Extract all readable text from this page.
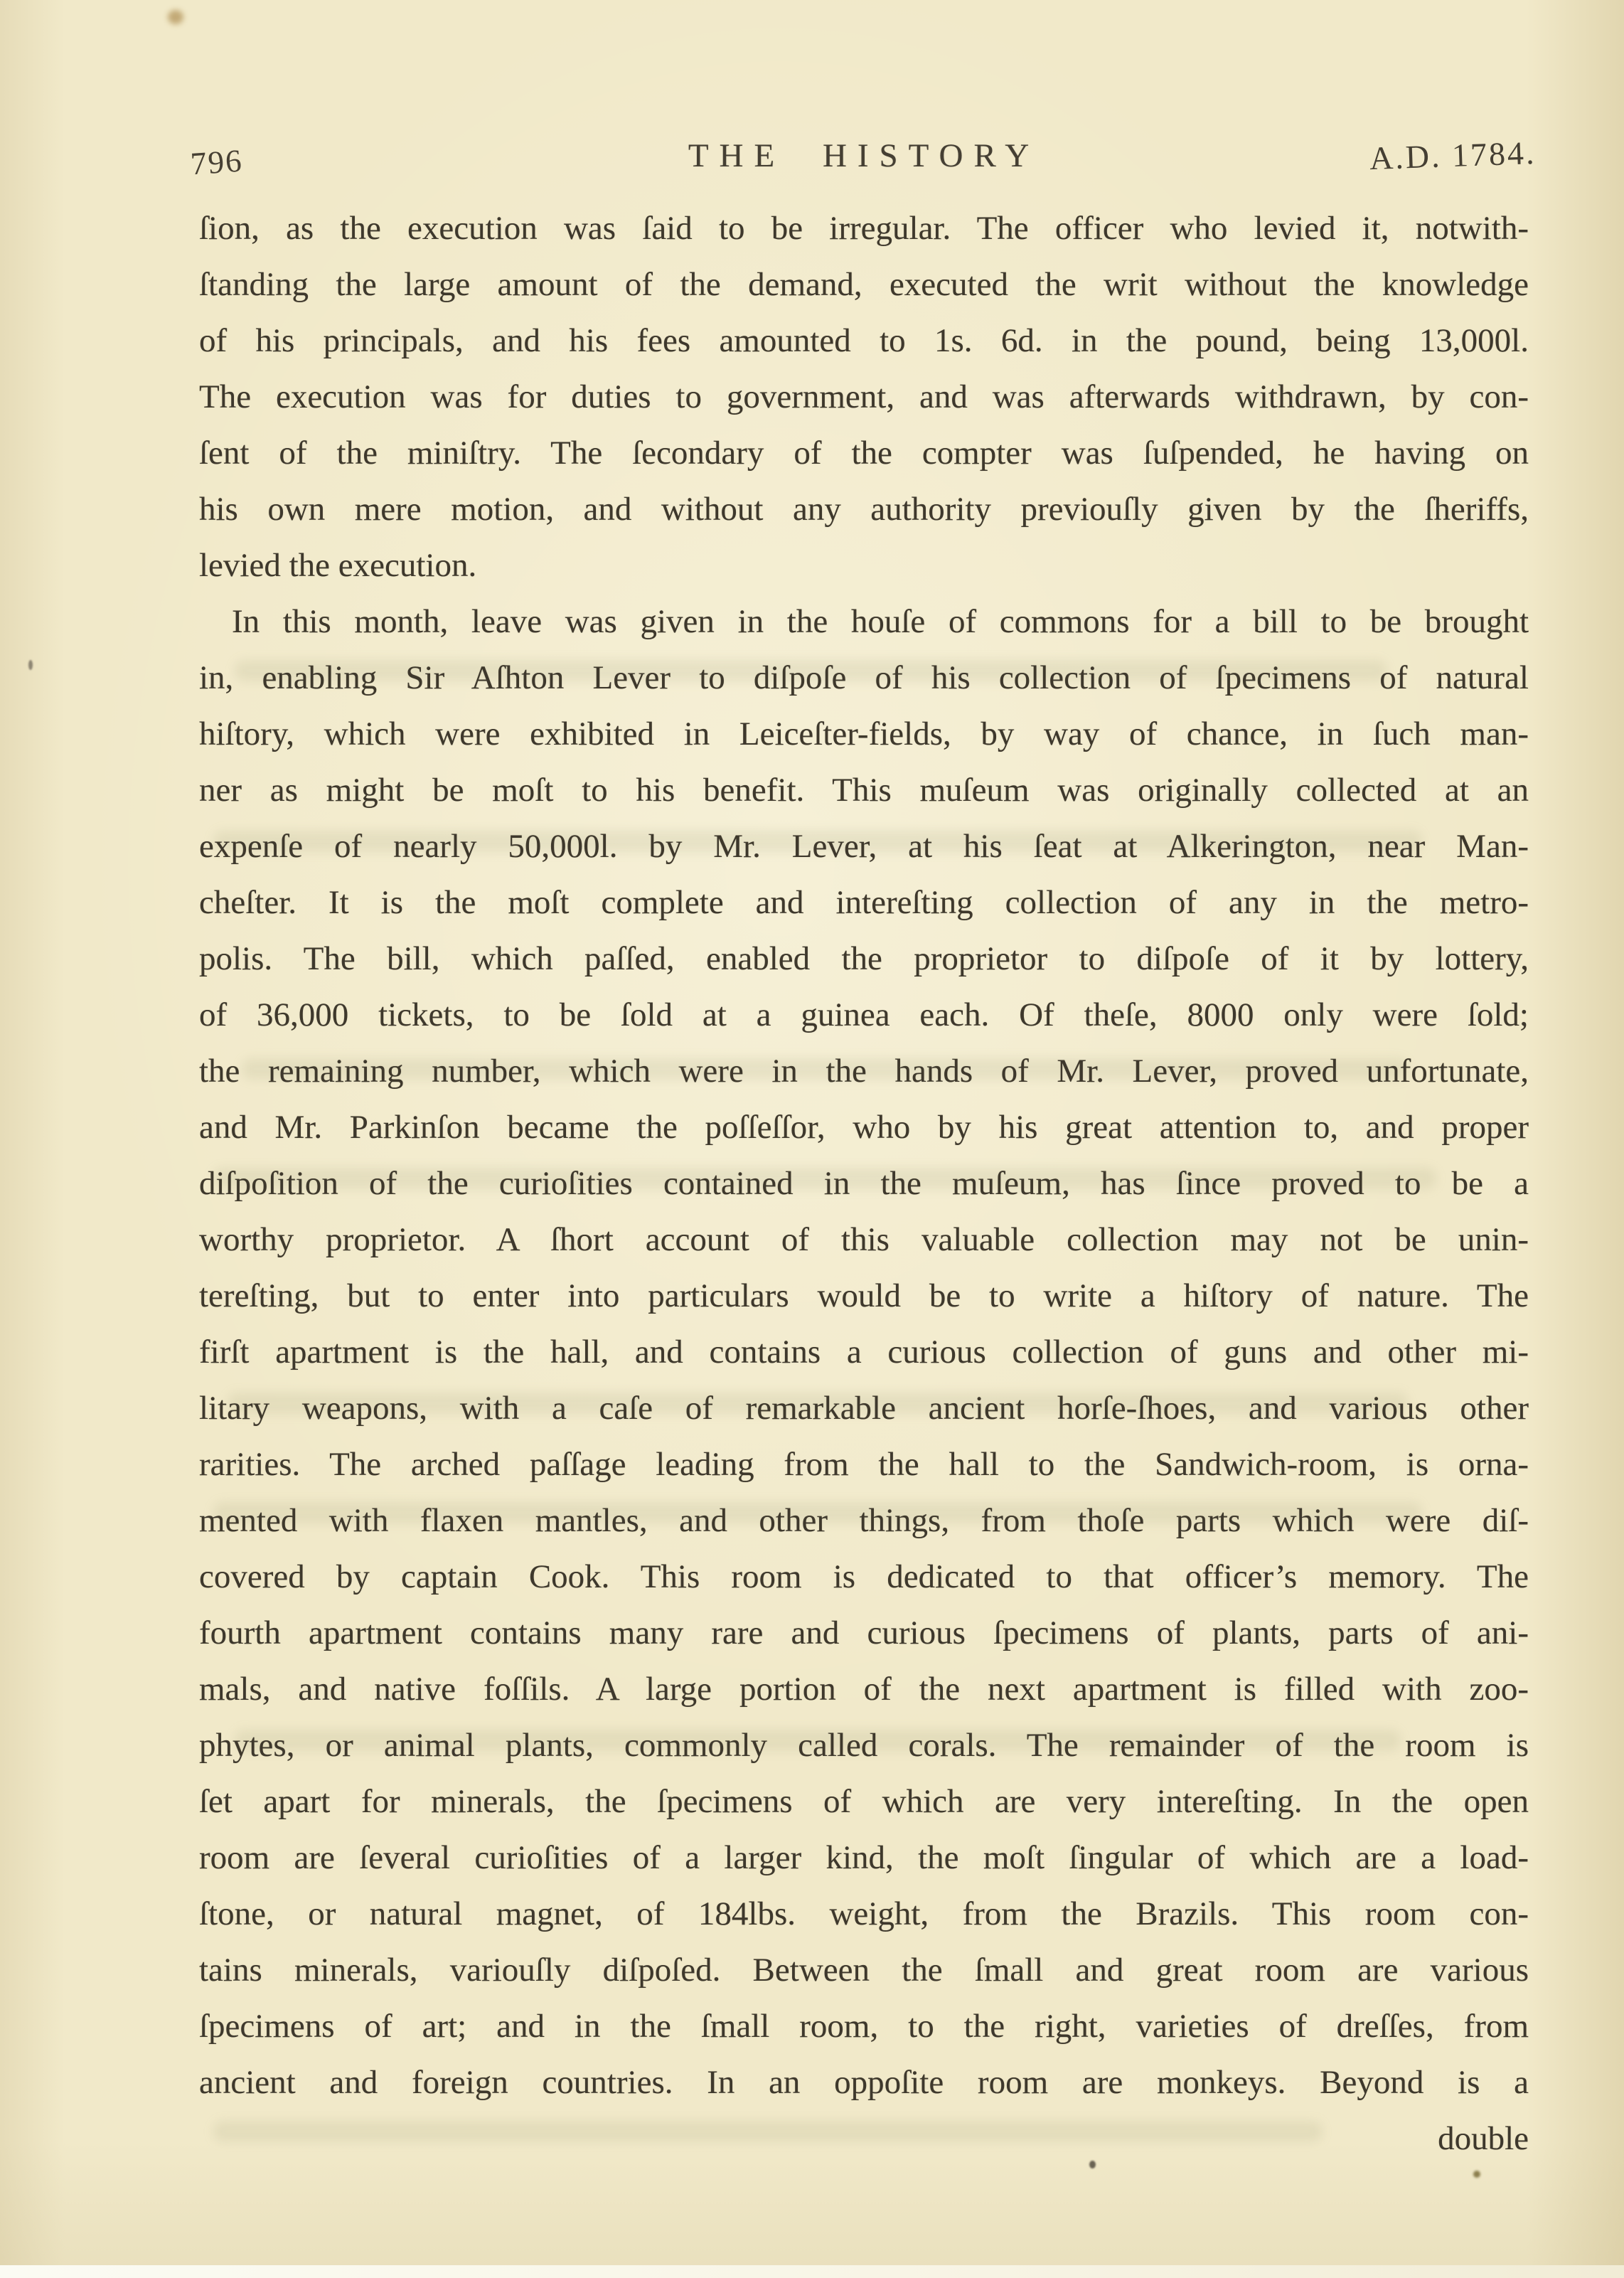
796	THE HISTORY	A.D. 1784.
ſion, as the execution was ſaid to be irregular. The officer who levied it, notwith-
ſtanding the large amount of the demand, executed the writ without the knowledge
of his principals, and his fees amounted to 1s. 6d. in the pound, being 13,000l.
The execution was for duties to government, and was afterwards withdrawn, by con-
ſent of the miniſtry. The ſecondary of the compter was ſuſpended, he having on
his own mere motion, and without any authority previouſly given by the ſheriffs,
levied the execution.
In this month, leave was given in the houſe of commons for a bill to be brought
in, enabling Sir Aſhton Lever to diſpoſe of his collection of ſpecimens of natural
hiſtory, which were exhibited in Leiceſter-fields, by way of chance, in ſuch man-
ner as might be moſt to his benefit. This muſeum was originally collected at an
expenſe of nearly 50,000l. by Mr. Lever, at his ſeat at Alkerington, near Man-
cheſter. It is the moſt complete and intereſting collection of any in the metro-
polis. The bill, which paſſed, enabled the proprietor to diſpoſe of it by lottery,
of 36,000 tickets, to be ſold at a guinea each. Of theſe, 8000 only were ſold;
the remaining number, which were in the hands of Mr. Lever, proved unfortunate,
and Mr. Parkinſon became the poſſeſſor, who by his great attention to, and proper
diſpoſition of the curioſities contained in the muſeum, has ſince proved to be a
worthy proprietor. A ſhort account of this valuable collection may not be unin-
tereſting, but to enter into particulars would be to write a hiſtory of nature. The
firſt apartment is the hall, and contains a curious collection of guns and other mi-
litary weapons, with a caſe of remarkable ancient horſe-ſhoes, and various other
rarities. The arched paſſage leading from the hall to the Sandwich-room, is orna-
mented with flaxen mantles, and other things, from thoſe parts which were diſ-
covered by captain Cook. This room is dedicated to that officer’s memory. The
fourth apartment contains many rare and curious ſpecimens of plants, parts of ani-
mals, and native foſſils. A large portion of the next apartment is filled with zoo-
phytes, or animal plants, commonly called corals. The remainder of the room is
ſet apart for minerals, the ſpecimens of which are very intereſting. In the open
room are ſeveral curioſities of a larger kind, the moſt ſingular of which are a load-
ſtone, or natural magnet, of 184lbs. weight, from the Brazils. This room con-
tains minerals, variouſly diſpoſed. Between the ſmall and great room are various
ſpecimens of art; and in the ſmall room, to the right, varieties of dreſſes, from
ancient and foreign countries. In an oppoſite room are monkeys. Beyond is a
double
